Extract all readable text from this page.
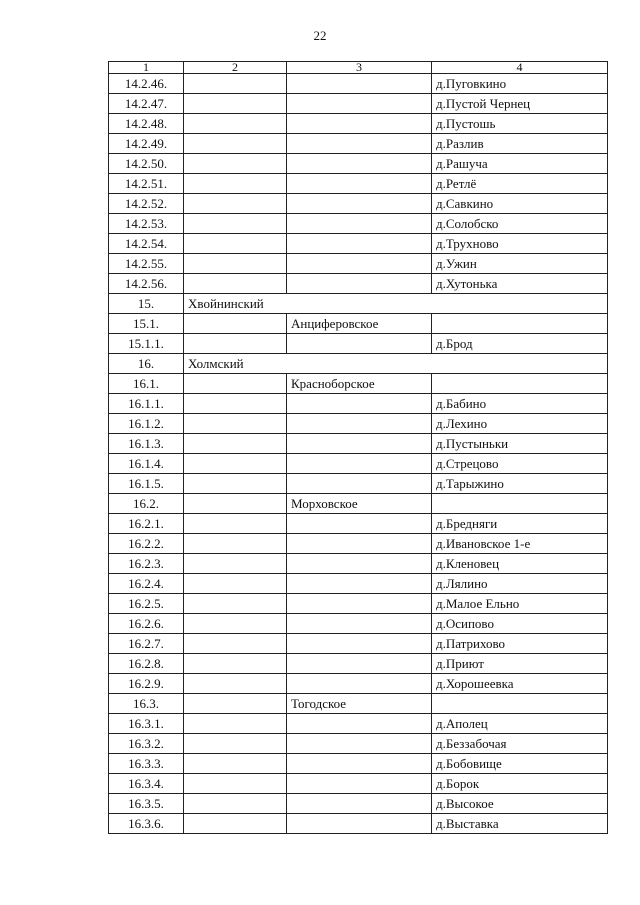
22
1	2	3	4
14.2.46.			д.Пуговкино
14.2.47.			д.Пустой Чернец
14.2.48.			д.Пустошь
14.2.49.			д.Разлив
14.2.50.			д.Рашуча
14.2.51.			д.Ретлё
14.2.52.			д.Савкино
14.2.53.			д.Солобско
14.2.54.			д.Трухново
14.2.55.			д.Ужин
14.2.56.			д.Хутонька
15.	Хвойнинский		
15.1.		Анциферовское	
15.1.1.			д.Брод
16.	Холмский		
16.1.		Красноборское	
16.1.1.			д.Бабино
16.1.2.			д.Лехино
16.1.3.			д.Пустыньки
16.1.4.			д.Стрецово
16.1.5.			д.Тарыжино
16.2.		Морховское	
16.2.1.			д.Бредняги
16.2.2.			д.Ивановское 1-е
16.2.3.			д.Кленовец
16.2.4.			д.Лялино
16.2.5.			д.Малое Ельно
16.2.6.			д.Осипово
16.2.7.			д.Патрихово
16.2.8.			д.Приют
16.2.9.			д.Хорошеевка
16.3.		Тогодское	
16.3.1.			д.Аполец
16.3.2.			д.Беззабочая
16.3.3.			д.Бобовище
16.3.4.			д.Борок
16.3.5.			д.Высокое
16.3.6.			д.Выставка
